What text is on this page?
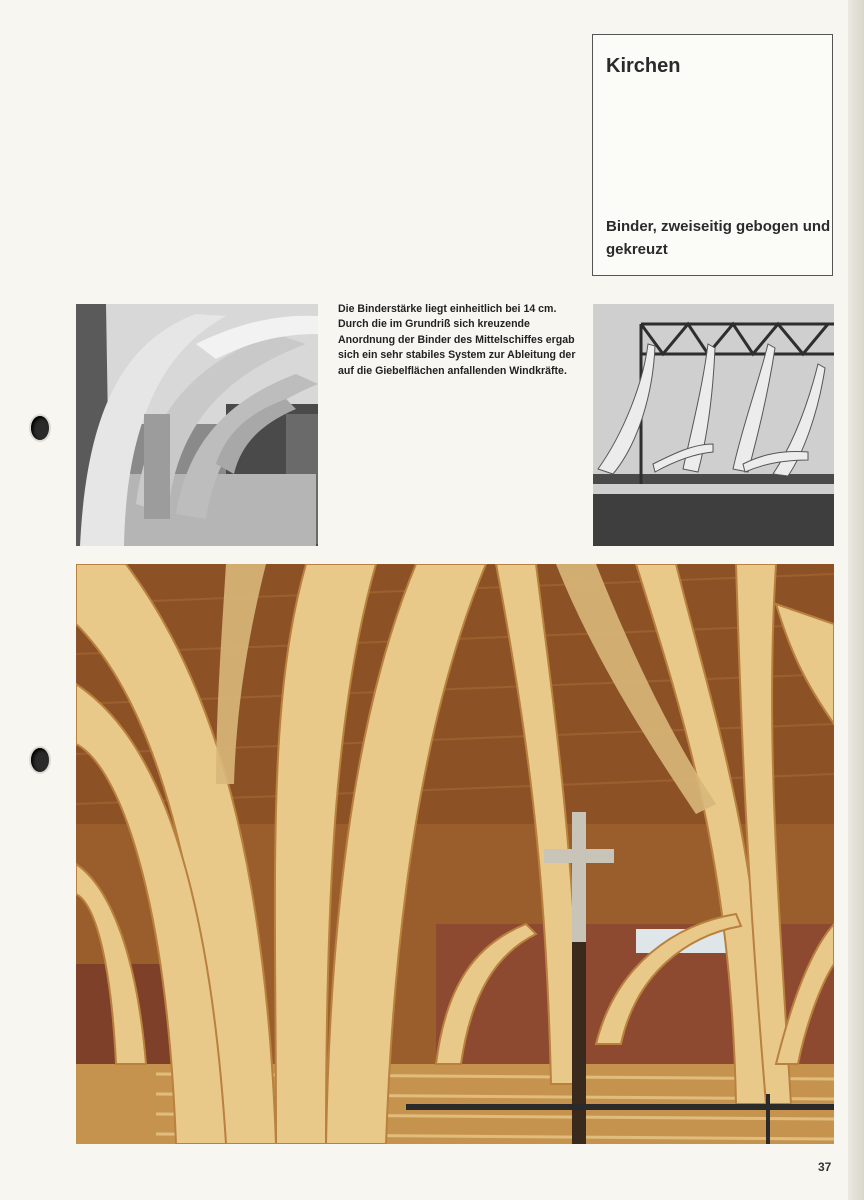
Kirchen
Binder, zweiseitig gebogen und gekreuzt
Die Binderstärke liegt einheitlich bei 14 cm. Durch die im Grundriß sich kreuzende Anordnung der Binder des Mittelschiffes ergab sich ein sehr stabiles System zur Ableitung der auf die Giebelflächen anfallenden Windkräfte.
37
